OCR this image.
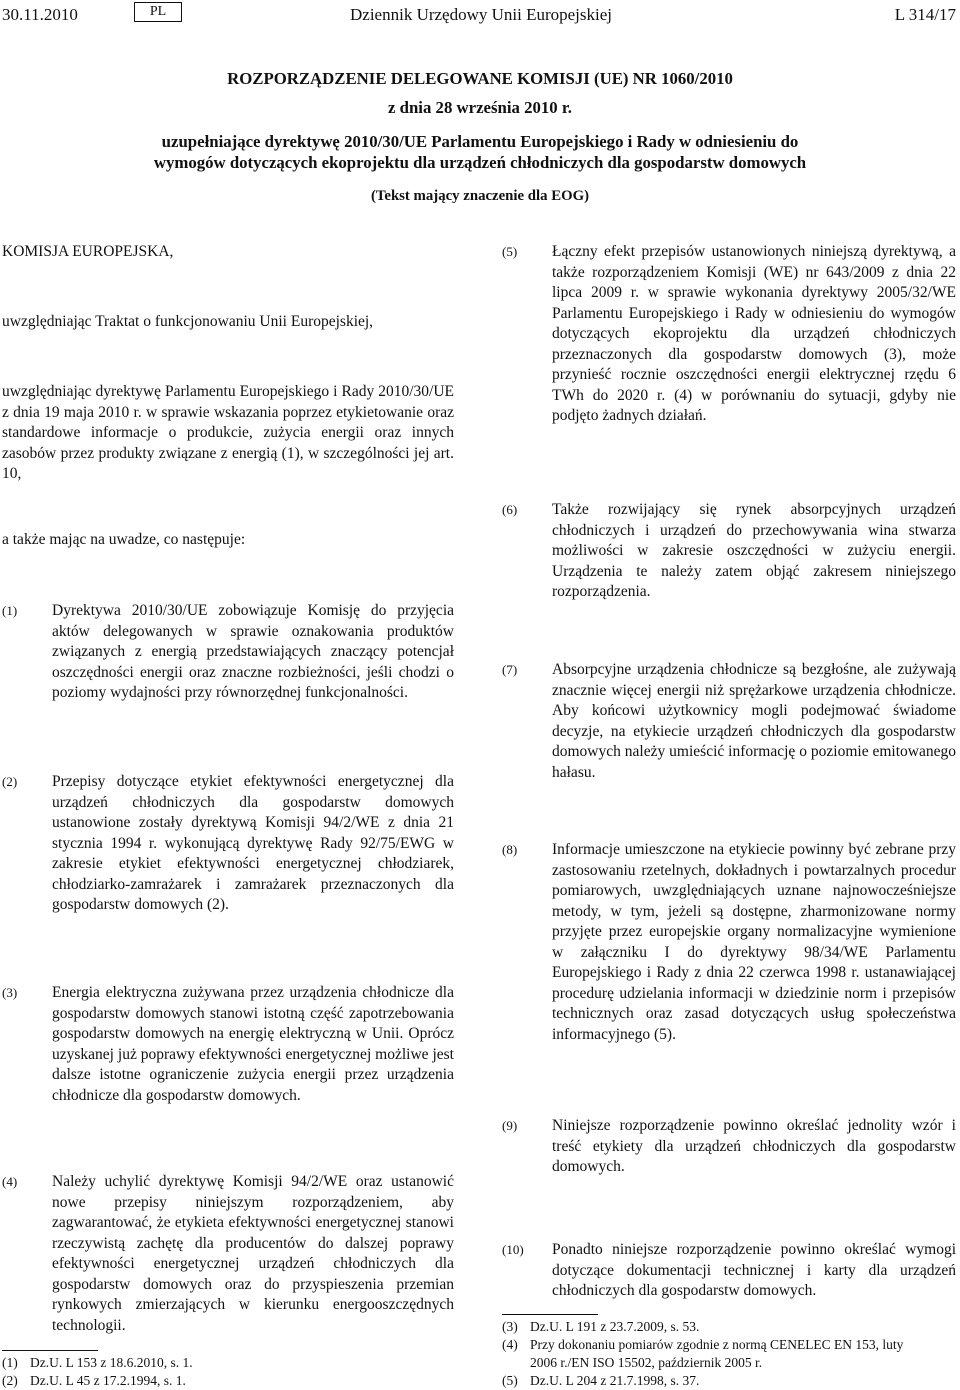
30.11.2010	PL	Dziennik Urzędowy Unii Europejskiej	L 314/17
ROZPORZĄDZENIE DELEGOWANE KOMISJI (UE) NR 1060/2010
z dnia 28 września 2010 r.
uzupełniające dyrektywę 2010/30/UE Parlamentu Europejskiego i Rady w odniesieniu do
wymogów dotyczących ekoprojektu dla urządzeń chłodniczych dla gospodarstw domowych
(Tekst mający znaczenie dla EOG)
KOMISJA EUROPEJSKA,
uwzględniając Traktat o funkcjonowaniu Unii Europejskiej,
uwzględniając dyrektywę Parlamentu Europejskiego i Rady 2010/30/UE z dnia 19 maja 2010 r. w sprawie wskazania poprzez etykietowanie oraz standardowe informacje o produkcie, zużycia energii oraz innych zasobów przez produkty związane z energią (1), w szczególności jej art. 10,
a także mając na uwadze, co następuje:
(1) Dyrektywa 2010/30/UE zobowiązuje Komisję do przyjęcia aktów delegowanych w sprawie oznakowania produktów związanych z energią przedstawiających znaczący potencjał oszczędności energii oraz znaczne rozbieżności, jeśli chodzi o poziomy wydajności przy równorzędnej funkcjonalności.
(2) Przepisy dotyczące etykiet efektywności energetycznej dla urządzeń chłodniczych dla gospodarstw domowych ustanowione zostały dyrektywą Komisji 94/2/WE z dnia 21 stycznia 1994 r. wykonującą dyrektywę Rady 92/75/EWG w zakresie etykiet efektywności energetycznej chłodziarek, chłodziarko-zamrażarek i zamrażarek przeznaczonych dla gospodarstw domowych (2).
(3) Energia elektryczna zużywana przez urządzenia chłodnicze dla gospodarstw domowych stanowi istotną część zapotrzebowania gospodarstw domowych na energię elektryczną w Unii. Oprócz uzyskanej już poprawy efektywności energetycznej możliwe jest dalsze istotne ograniczenie zużycia energii przez urządzenia chłodnicze dla gospodarstw domowych.
(4) Należy uchylić dyrektywę Komisji 94/2/WE oraz ustanowić nowe przepisy niniejszym rozporządzeniem, aby zagwarantować, że etykieta efektywności energetycznej stanowi rzeczywistą zachętę dla producentów do dalszej poprawy efektywności energetycznej urządzeń chłodniczych dla gospodarstw domowych oraz do przyspieszenia przemian rynkowych zmierzających w kierunku energooszczędnych technologii.
(5) Łączny efekt przepisów ustanowionych niniejszą dyrektywą, a także rozporządzeniem Komisji (WE) nr 643/2009 z dnia 22 lipca 2009 r. w sprawie wykonania dyrektywy 2005/32/WE Parlamentu Europejskiego i Rady w odniesieniu do wymogów dotyczących ekoprojektu dla urządzeń chłodniczych przeznaczonych dla gospodarstw domowych (3), może przynieść rocznie oszczędności energii elektrycznej rzędu 6 TWh do 2020 r. (4) w porównaniu do sytuacji, gdyby nie podjęto żadnych działań.
(6) Także rozwijający się rynek absorpcyjnych urządzeń chłodniczych i urządzeń do przechowywania wina stwarza możliwości w zakresie oszczędności w zużyciu energii. Urządzenia te należy zatem objąć zakresem niniejszego rozporządzenia.
(7) Absorpcyjne urządzenia chłodnicze są bezgłośne, ale zużywają znacznie więcej energii niż sprężarkowe urządzenia chłodnicze. Aby końcowi użytkownicy mogli podejmować świadome decyzje, na etykiecie urządzeń chłodniczych dla gospodarstw domowych należy umieścić informację o poziomie emitowanego hałasu.
(8) Informacje umieszczone na etykiecie powinny być zebrane przy zastosowaniu rzetelnych, dokładnych i powtarzalnych procedur pomiarowych, uwzględniających uznane najnowocześniejsze metody, w tym, jeżeli są dostępne, zharmonizowane normy przyjęte przez europejskie organy normalizacyjne wymienione w załączniku I do dyrektywy 98/34/WE Parlamentu Europejskiego i Rady z dnia 22 czerwca 1998 r. ustanawiającej procedurę udzielania informacji w dziedzinie norm i przepisów technicznych oraz zasad dotyczących usług społeczeństwa informacyjnego (5).
(9) Niniejsze rozporządzenie powinno określać jednolity wzór i treść etykiety dla urządzeń chłodniczych dla gospodarstw domowych.
(10) Ponadto niniejsze rozporządzenie powinno określać wymogi dotyczące dokumentacji technicznej i karty dla urządzeń chłodniczych dla gospodarstw domowych.
(1) Dz.U. L 153 z 18.6.2010, s. 1.
(2) Dz.U. L 45 z 17.2.1994, s. 1.
(3) Dz.U. L 191 z 23.7.2009, s. 53.
(4) Przy dokonaniu pomiarów zgodnie z normą CENELEC EN 153, luty
2006 r./EN ISO 15502, październik 2005 r.
(5) Dz.U. L 204 z 21.7.1998, s. 37.
